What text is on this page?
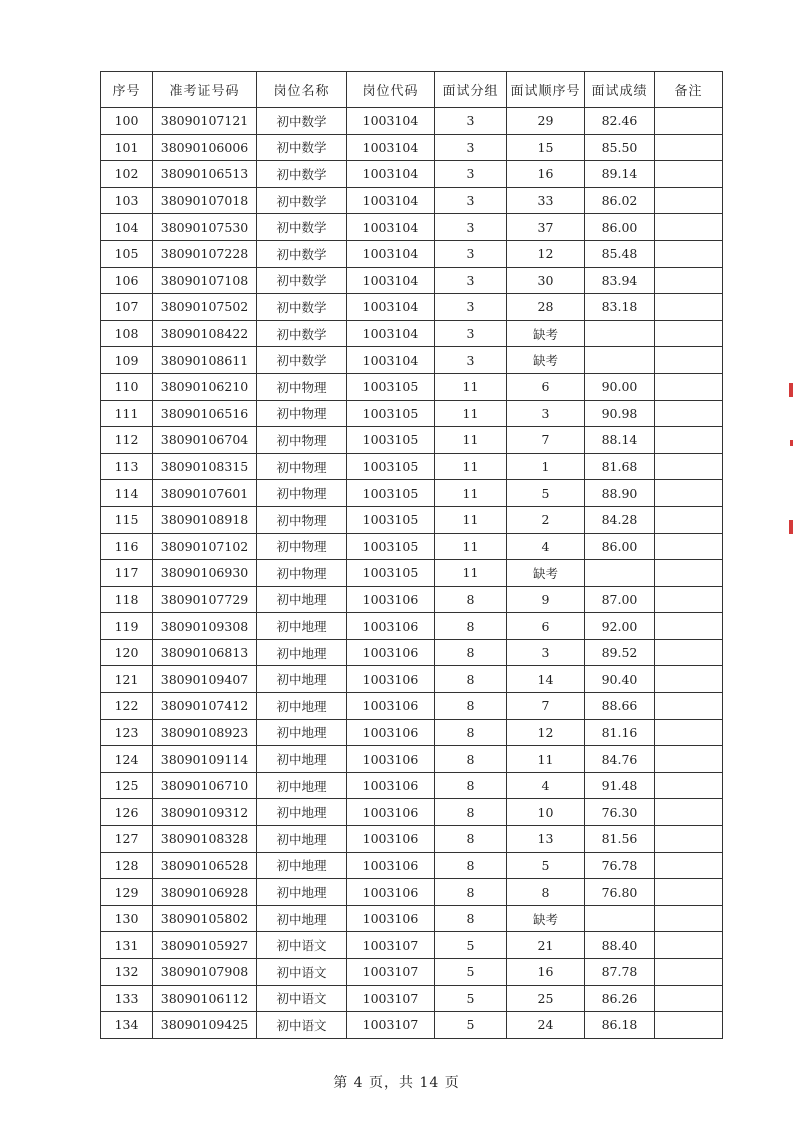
序号	准考证号码	岗位名称	岗位代码	面试分组	面试顺序号	面试成绩	备注
100	38090107121	初中数学	1003104	3	29	82.46	
101	38090106006	初中数学	1003104	3	15	85.50	
102	38090106513	初中数学	1003104	3	16	89.14	
103	38090107018	初中数学	1003104	3	33	86.02	
104	38090107530	初中数学	1003104	3	37	86.00	
105	38090107228	初中数学	1003104	3	12	85.48	
106	38090107108	初中数学	1003104	3	30	83.94	
107	38090107502	初中数学	1003104	3	28	83.18	
108	38090108422	初中数学	1003104	3	缺考		
109	38090108611	初中数学	1003104	3	缺考		
110	38090106210	初中物理	1003105	11	6	90.00	
111	38090106516	初中物理	1003105	11	3	90.98	
112	38090106704	初中物理	1003105	11	7	88.14	
113	38090108315	初中物理	1003105	11	1	81.68	
114	38090107601	初中物理	1003105	11	5	88.90	
115	38090108918	初中物理	1003105	11	2	84.28	
116	38090107102	初中物理	1003105	11	4	86.00	
117	38090106930	初中物理	1003105	11	缺考		
118	38090107729	初中地理	1003106	8	9	87.00	
119	38090109308	初中地理	1003106	8	6	92.00	
120	38090106813	初中地理	1003106	8	3	89.52	
121	38090109407	初中地理	1003106	8	14	90.40	
122	38090107412	初中地理	1003106	8	7	88.66	
123	38090108923	初中地理	1003106	8	12	81.16	
124	38090109114	初中地理	1003106	8	11	84.76	
125	38090106710	初中地理	1003106	8	4	91.48	
126	38090109312	初中地理	1003106	8	10	76.30	
127	38090108328	初中地理	1003106	8	13	81.56	
128	38090106528	初中地理	1003106	8	5	76.78	
129	38090106928	初中地理	1003106	8	8	76.80	
130	38090105802	初中地理	1003106	8	缺考		
131	38090105927	初中语文	1003107	5	21	88.40	
132	38090107908	初中语文	1003107	5	16	87.78	
133	38090106112	初中语文	1003107	5	25	86.26	
134	38090109425	初中语文	1003107	5	24	86.18	
第 4 页，共 14 页
